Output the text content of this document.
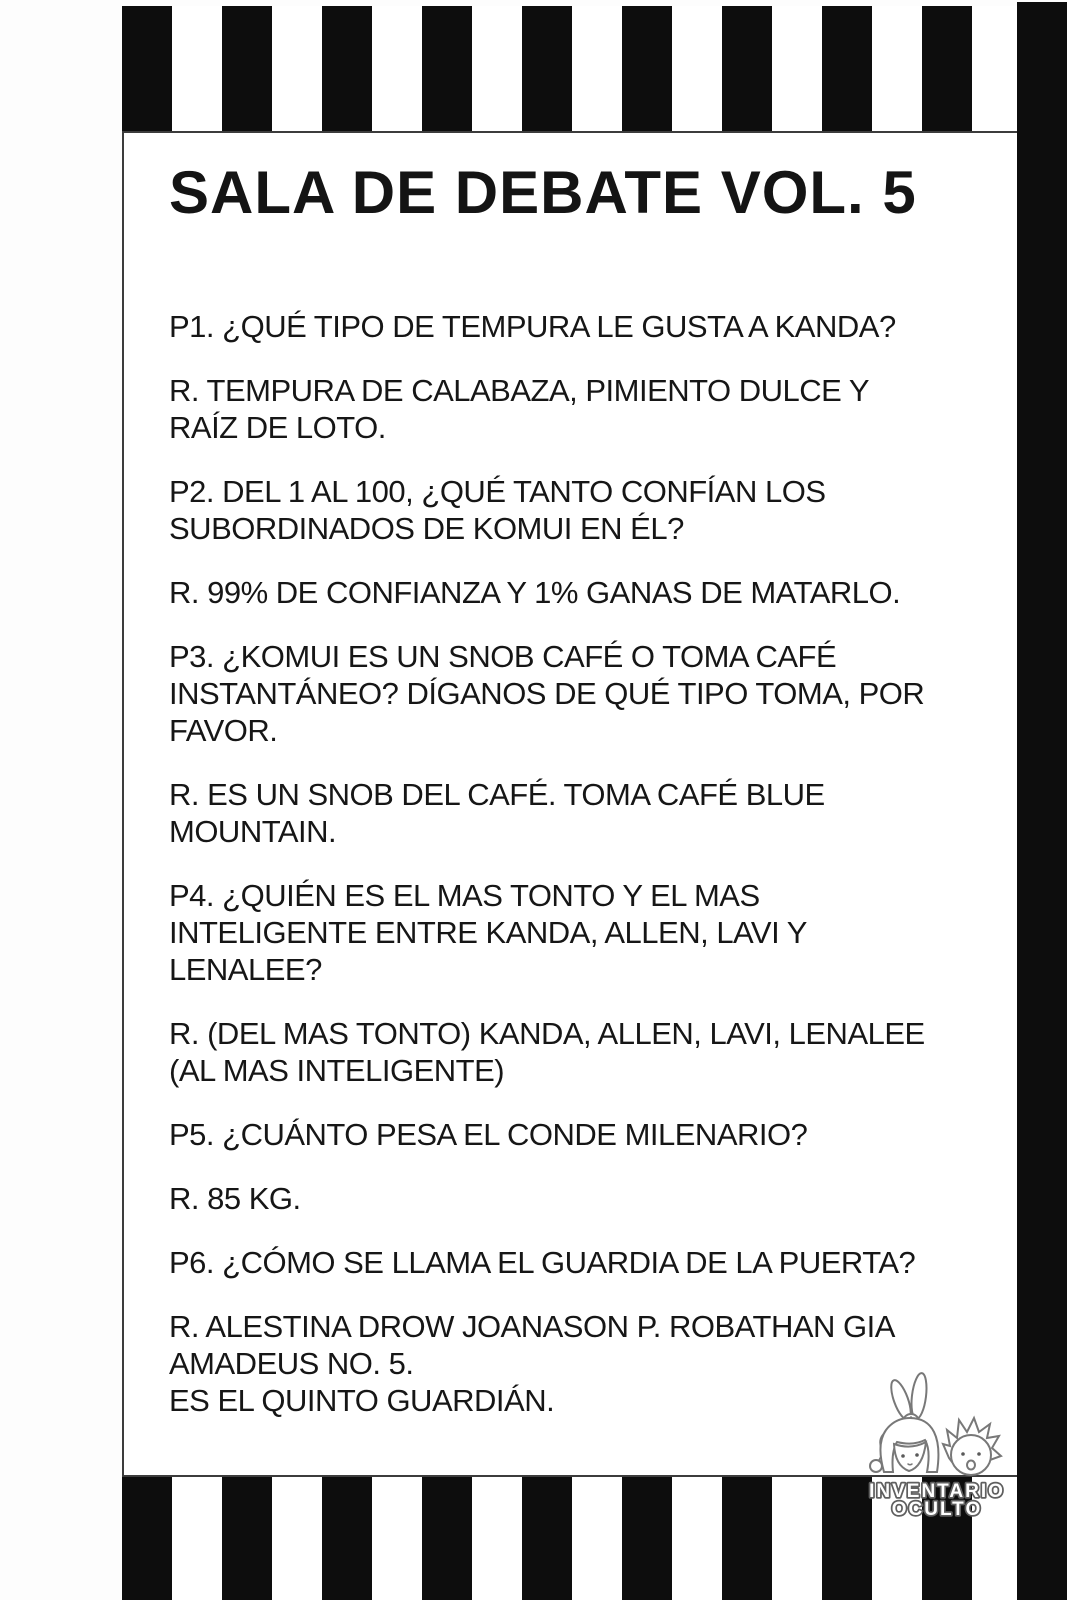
SALA DE DEBATE VOL. 5
P1. ¿QUÉ TIPO DE TEMPURA LE GUSTA A KANDA?
R. TEMPURA DE CALABAZA, PIMIENTO DULCE Y
RAÍZ DE LOTO.
P2. DEL 1 AL 100, ¿QUÉ TANTO CONFÍAN LOS
SUBORDINADOS DE KOMUI EN ÉL?
R. 99% DE CONFIANZA Y 1% GANAS DE MATARLO.
P3. ¿KOMUI ES UN SNOB CAFÉ O TOMA CAFÉ
INSTANTÁNEO? DÍGANOS DE QUÉ TIPO TOMA, POR
FAVOR.
R. ES UN SNOB DEL CAFÉ. TOMA CAFÉ BLUE
MOUNTAIN.
P4. ¿QUIÉN ES EL MAS TONTO Y EL MAS
INTELIGENTE ENTRE KANDA, ALLEN, LAVI Y
LENALEE?
R. (DEL MAS TONTO) KANDA, ALLEN, LAVI, LENALEE
(AL MAS INTELIGENTE)
P5. ¿CUÁNTO PESA EL CONDE MILENARIO?
R. 85 KG.
P6. ¿CÓMO SE LLAMA EL GUARDIA DE LA PUERTA?
R. ALESTINA DROW JOANASON P. ROBATHAN GIA
AMADEUS NO. 5.
ES EL QUINTO GUARDIÁN.
INVENTARIO
OCULTO
